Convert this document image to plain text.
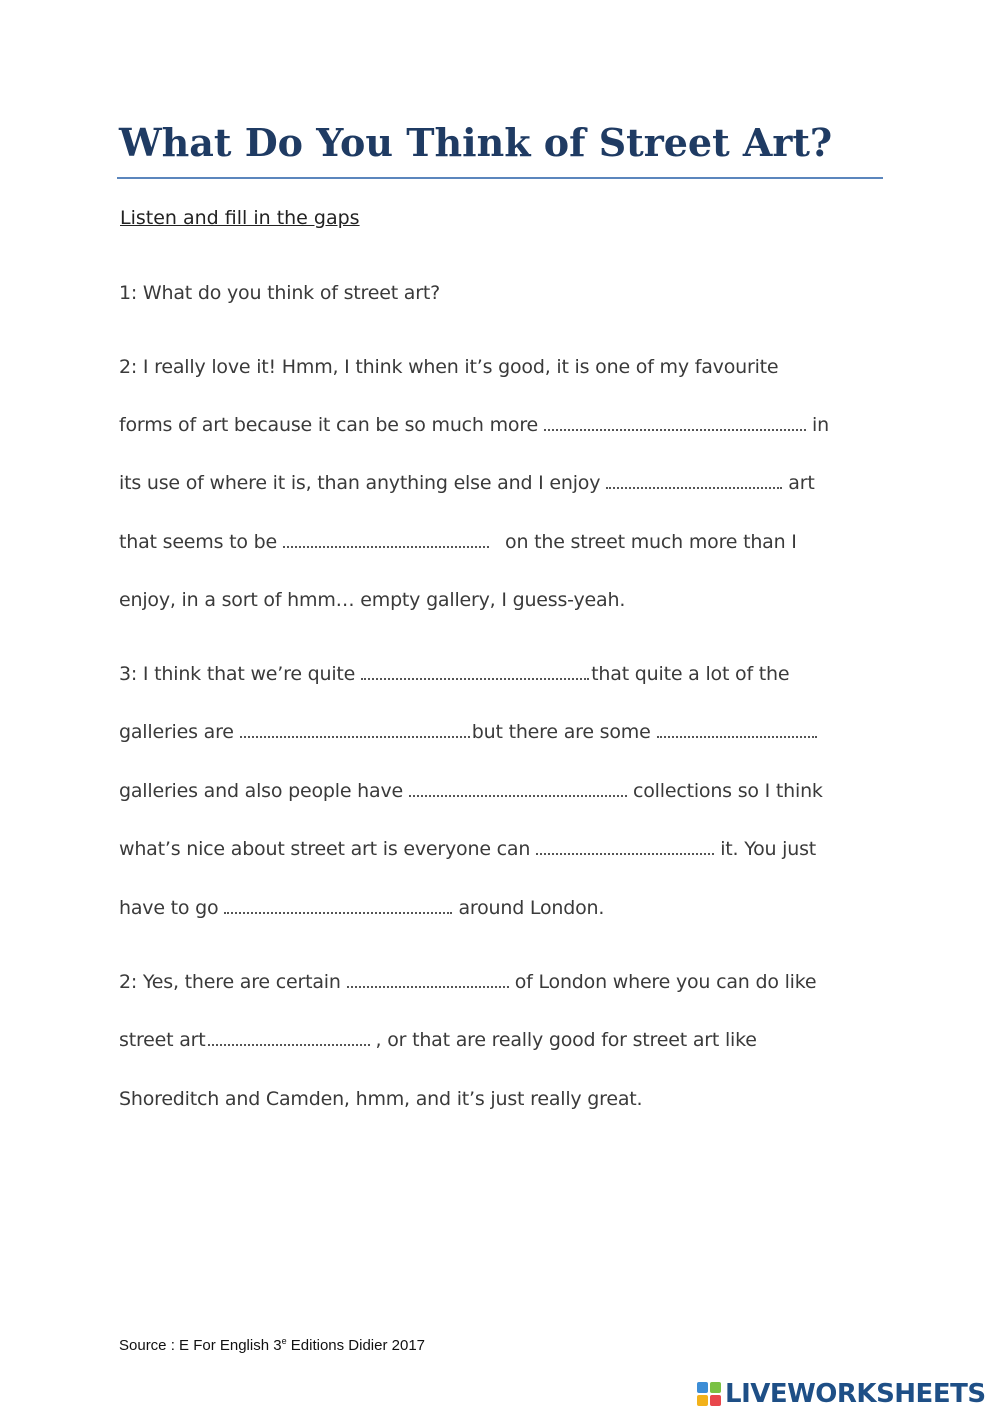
What Do You Think of Street Art?
Listen and fill in the gaps
1: What do you think of street art?
2: I really love it! Hmm, I think when it’s good, it is one of my favourite
forms of art because it can be so much more	in
its use of where it is, than anything else and I enjoy	art
that seems to be	on the street much more than I
enjoy, in a sort of hmm… empty gallery, I guess-yeah.
3: I think that we’re quite	that quite a lot of the
galleries are	but there are some
galleries and also people have	collections so I think
what’s nice about street art is everyone can	it. You just
have to go	around London.
2: Yes, there are certain	of London where you can do like
street art	, or that are really good for street art like
Shoreditch and Camden, hmm, and it’s just really great.
Source : E For English 3e Editions Didier 2017
LIVEWORKSHEETS
